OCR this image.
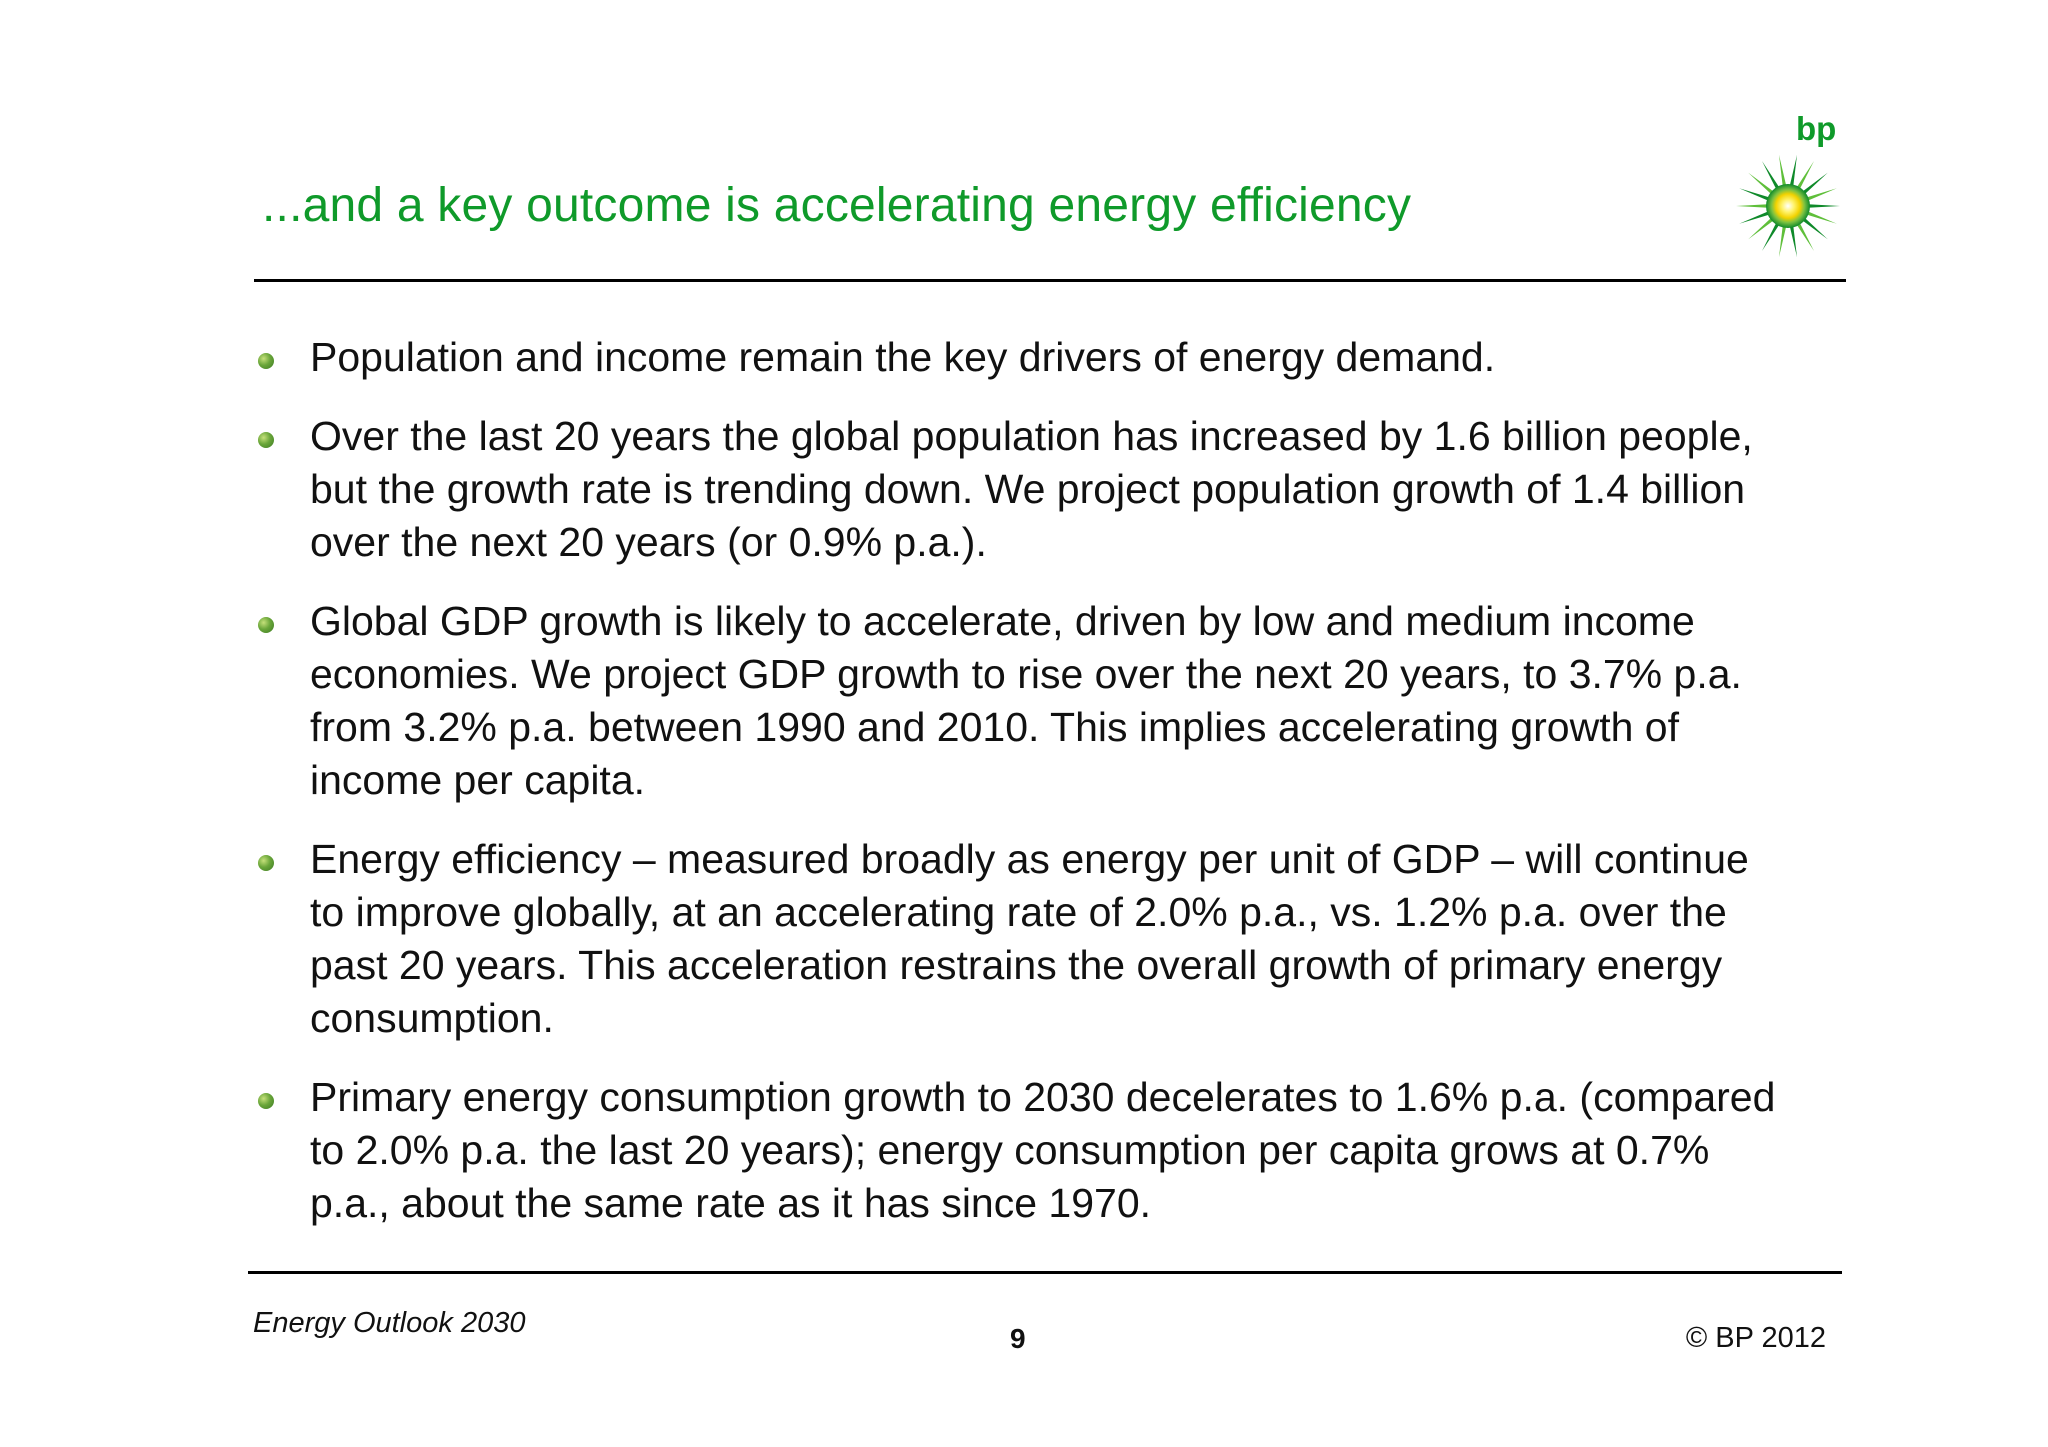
...and a key outcome is accelerating energy efficiency
bp
Population and income remain the key drivers of energy demand.
Over the last 20 years the global population has increased by 1.6 billion people, but the growth rate is trending down. We project population growth of 1.4 billion over the next 20 years (or 0.9% p.a.).
Global GDP growth is likely to accelerate, driven by low and medium income economies. We project GDP growth to rise over the next 20 years, to 3.7% p.a. from 3.2% p.a. between 1990 and 2010. This implies accelerating growth of income per capita.
Energy efficiency – measured broadly as energy per unit of GDP – will continue to improve globally, at an accelerating rate of 2.0% p.a., vs. 1.2% p.a. over the past 20 years. This acceleration restrains the overall growth of primary energy consumption.
Primary energy consumption growth to 2030 decelerates to 1.6% p.a. (compared to 2.0% p.a. the last 20 years); energy consumption per capita grows at 0.7% p.a., about the same rate as it has since 1970.
Energy Outlook 2030	9	© BP 2012
